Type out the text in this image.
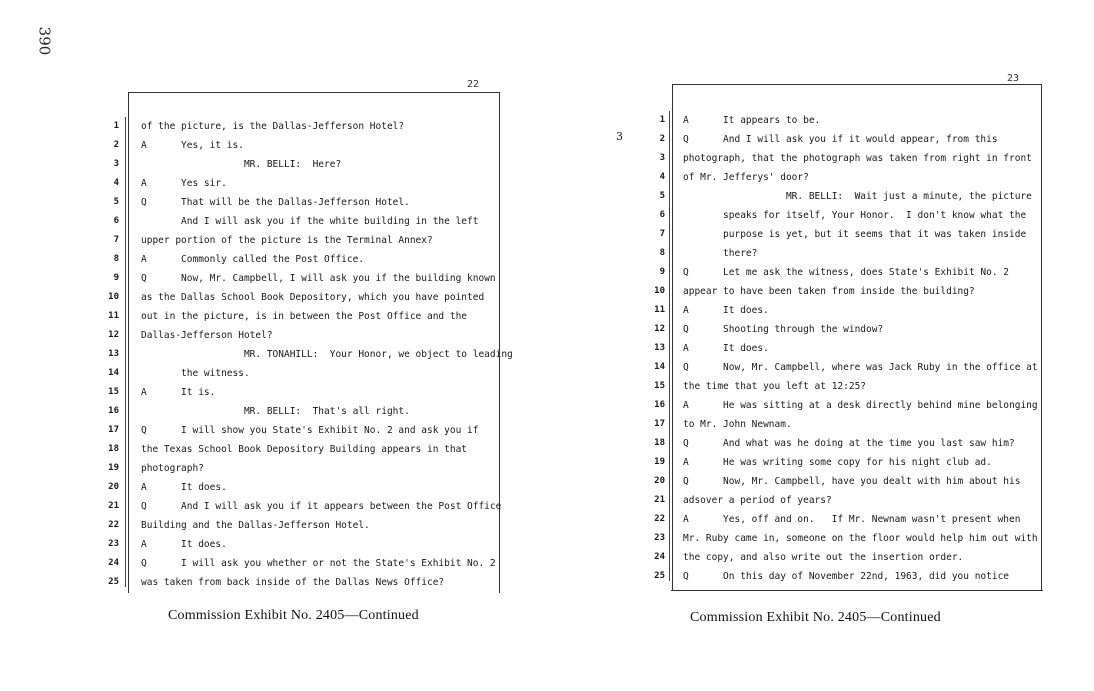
390
3
22
1
2
3
4
5
6
7
8
9
10
11
12
13
14
15
16
17
18
19
20
21
22
23
24
25
of the picture, is the Dallas-Jefferson Hotel?
A      Yes, it is.
MR. BELLI:  Here?
A      Yes sir.
Q      That will be the Dallas-Jefferson Hotel.
And I will ask you if the white building in the left
upper portion of the picture is the Terminal Annex?
A      Commonly called the Post Office.
Q      Now, Mr. Campbell, I will ask you if the building known
as the Dallas School Book Depository, which you have pointed
out in the picture, is in between the Post Office and the
Dallas-Jefferson Hotel?
MR. TONAHILL:  Your Honor, we object to leading
the witness.
A      It is.
MR. BELLI:  That's all right.
Q      I will show you State's Exhibit No. 2 and ask you if
the Texas School Book Depository Building appears in that
photograph?
A      It does.
Q      And I will ask you if it appears between the Post Office
Building and the Dallas-Jefferson Hotel.
A      It does.
Q      I will ask you whether or not the State's Exhibit No. 2
was taken from back inside of the Dallas News Office?
23
1
2
3
4
5
6
7
8
9
10
11
12
13
14
15
16
17
18
19
20
21
22
23
24
25
A      It appears to be.
Q      And I will ask you if it would appear, from this
photograph, that the photograph was taken from right in front
of Mr. Jefferys' door?
MR. BELLI:  Wait just a minute, the picture
speaks for itself, Your Honor.  I don't know what the
purpose is yet, but it seems that it was taken inside
there?
Q      Let me ask the witness, does State's Exhibit No. 2
appear to have been taken from inside the building?
A      It does.
Q      Shooting through the window?
A      It does.
Q      Now, Mr. Campbell, where was Jack Ruby in the office at
the time that you left at 12:25?
A      He was sitting at a desk directly behind mine belonging
to Mr. John Newnam.
Q      And what was he doing at the time you last saw him?
A      He was writing some copy for his night club ad.
Q      Now, Mr. Campbell, have you dealt with him about his
adsover a period of years?
A      Yes, off and on.   If Mr. Newnam wasn't present when
Mr. Ruby came in, someone on the floor would help him out with
the copy, and also write out the insertion order.
Q      On this day of November 22nd, 1963, did you notice
Commission Exhibit No. 2405—Continued	Commission Exhibit No. 2405—Continued
